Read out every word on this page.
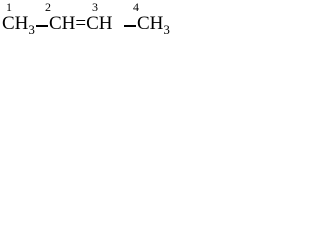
1	2	3	4
$CH_3$ CH=CH $CH_3$
